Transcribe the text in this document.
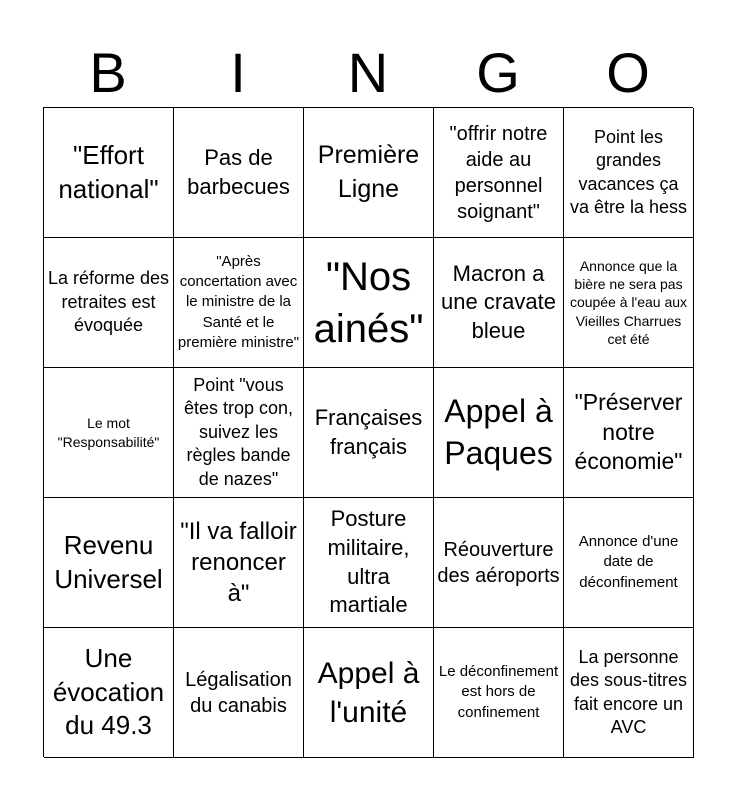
B	I	N	G	O
"Effort national"
Pas de barbecues
Première Ligne
"offrir notre aide au personnel soignant"
Point les grandes vacances ça va être la hess
La réforme des retraites est évoquée
"Après concertation avec le ministre de la Santé et le première ministre"
"Nos ainés"
Macron a une cravate bleue
Annonce que la bière ne sera pas coupée à l'eau aux Vieilles Charrues cet été
Le mot "Responsabilité"
Point "vous êtes trop con, suivez les règles bande de nazes"
Françaises français
Appel à Paques
"Préserver notre économie"
Revenu Universel
"Il va falloir renoncer à"
Posture militaire, ultra martiale
Réouverture des aéroports
Annonce d'une date de déconfinement
Une évocation du 49.3
Légalisation du canabis
Appel à l'unité
Le déconfinement est hors de confinement
La personne des sous-titres fait encore un AVC
